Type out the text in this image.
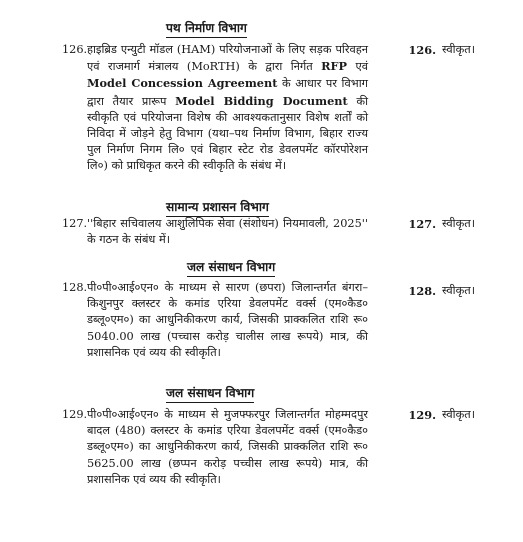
पथ निर्माण विभाग
126. हाइब्रिड एन्युटी मॉडल (HAM) परियोजनाओं के लिए सड़क परिवहन एवं राजमार्ग मंत्रालय (MoRTH) के द्वारा निर्गत RFP एवं Model Concession Agreement के आधार पर विभाग द्वारा तैयार प्रारूप Model Bidding Document की स्वीकृति एवं परियोजना विशेष की आवश्यकतानुसार विशेष शर्तों को निविदा में जोड़ने हेतु विभाग (यथा–पथ निर्माण विभाग, बिहार राज्य पुल निर्माण निगम लि० एवं बिहार स्टेट रोड डेवलपमेंट कॉरपोरेशन लि०) को प्राधिकृत करने की स्वीकृति के संबंध में।
126. स्वीकृत।
सामान्य प्रशासन विभाग
127. ''बिहार सचिवालय आशुलिपिक सेवा (संशोधन) नियमावली, 2025'' के गठन के संबंध में।
127. स्वीकृत।
जल संसाधन विभाग
128. पी०पी०आई०एन० के माध्यम से सारण (छपरा) जिलान्तर्गत बंगरा– किशुनपुर क्लस्टर के कमांड एरिया डेवलपमेंट वर्क्स (एम०कैड० डब्लू०एम०) का आधुनिकीकरण कार्य, जिसकी प्राक्कलित राशि रू० 5040.00 लाख (पच्चास करोड़ चालीस लाख रूपये) मात्र, की प्रशासनिक एवं व्यय की स्वीकृति।
128. स्वीकृत।
जल संसाधन विभाग
129. पी०पी०आई०एन० के माध्यम से मुजफ्फरपुर जिलान्तर्गत मोहम्मदपुर बादल (480) क्लस्टर के कमांड एरिया डेवलपमेंट वर्क्स (एम०कैड० डब्लू०एम०) का आधुनिकीकरण कार्य, जिसकी प्राक्कलित राशि रू० 5625.00 लाख (छप्पन करोड़ पच्चीस लाख रूपये) मात्र, की प्रशासनिक एवं व्यय की स्वीकृति।
129. स्वीकृत।
